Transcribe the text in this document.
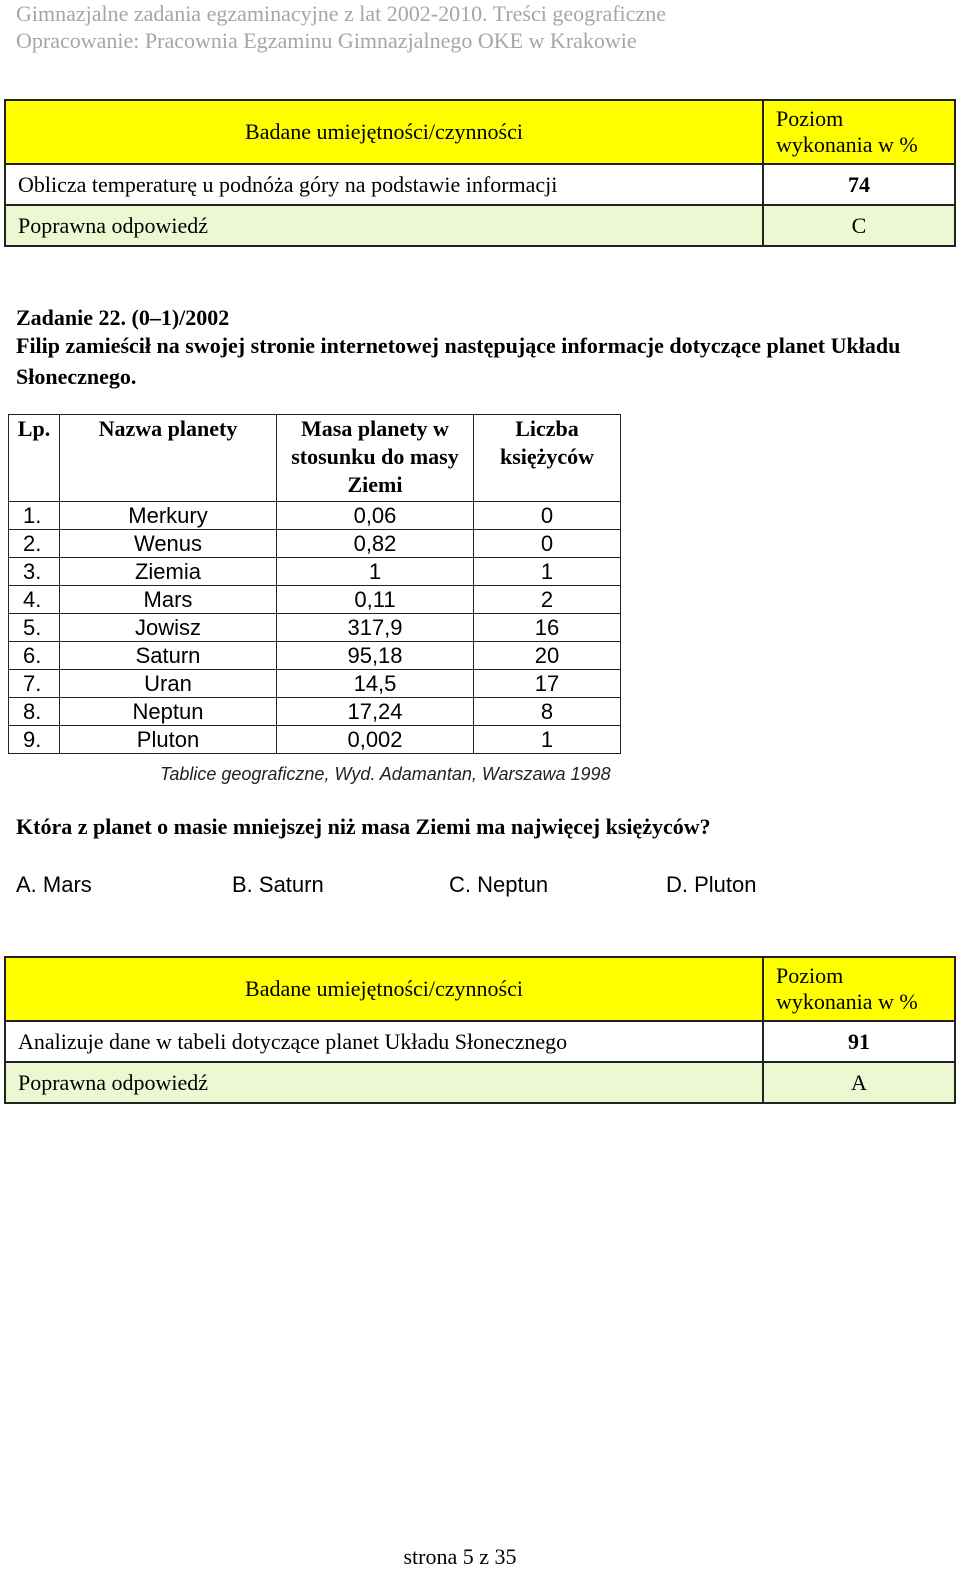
Gimnazjalne zadania egzaminacyjne z lat 2002-2010. Treści geograficzne
Opracowanie: Pracownia Egzaminu Gimnazjalnego OKE w Krakowie
Badane umiejętności/czynności	Poziom wykonania w %
Oblicza temperaturę u podnóża góry na podstawie informacji	74
Poprawna odpowiedź	C
Zadanie 22. (0–1)/2002
Filip zamieścił na swojej stronie internetowej następujące informacje dotyczące planet Układu Słonecznego.
Lp.	Nazwa planety	Masa planety w stosunku do masy Ziemi	Liczba księżyców
1.	Merkury	0,06	0
2.	Wenus	0,82	0
3.	Ziemia	1	1
4.	Mars	0,11	2
5.	Jowisz	317,9	16
6.	Saturn	95,18	20
7.	Uran	14,5	17
8.	Neptun	17,24	8
9.	Pluton	0,002	1
Tablice geograficzne, Wyd. Adamantan, Warszawa 1998
Która z planet o masie mniejszej niż masa Ziemi ma najwięcej księżyców?
A. Mars	B. Saturn	C. Neptun	D. Pluton
Badane umiejętności/czynności	Poziom wykonania w %
Analizuje dane w tabeli dotyczące planet Układu Słonecznego	91
Poprawna odpowiedź	A
strona 5 z 35
